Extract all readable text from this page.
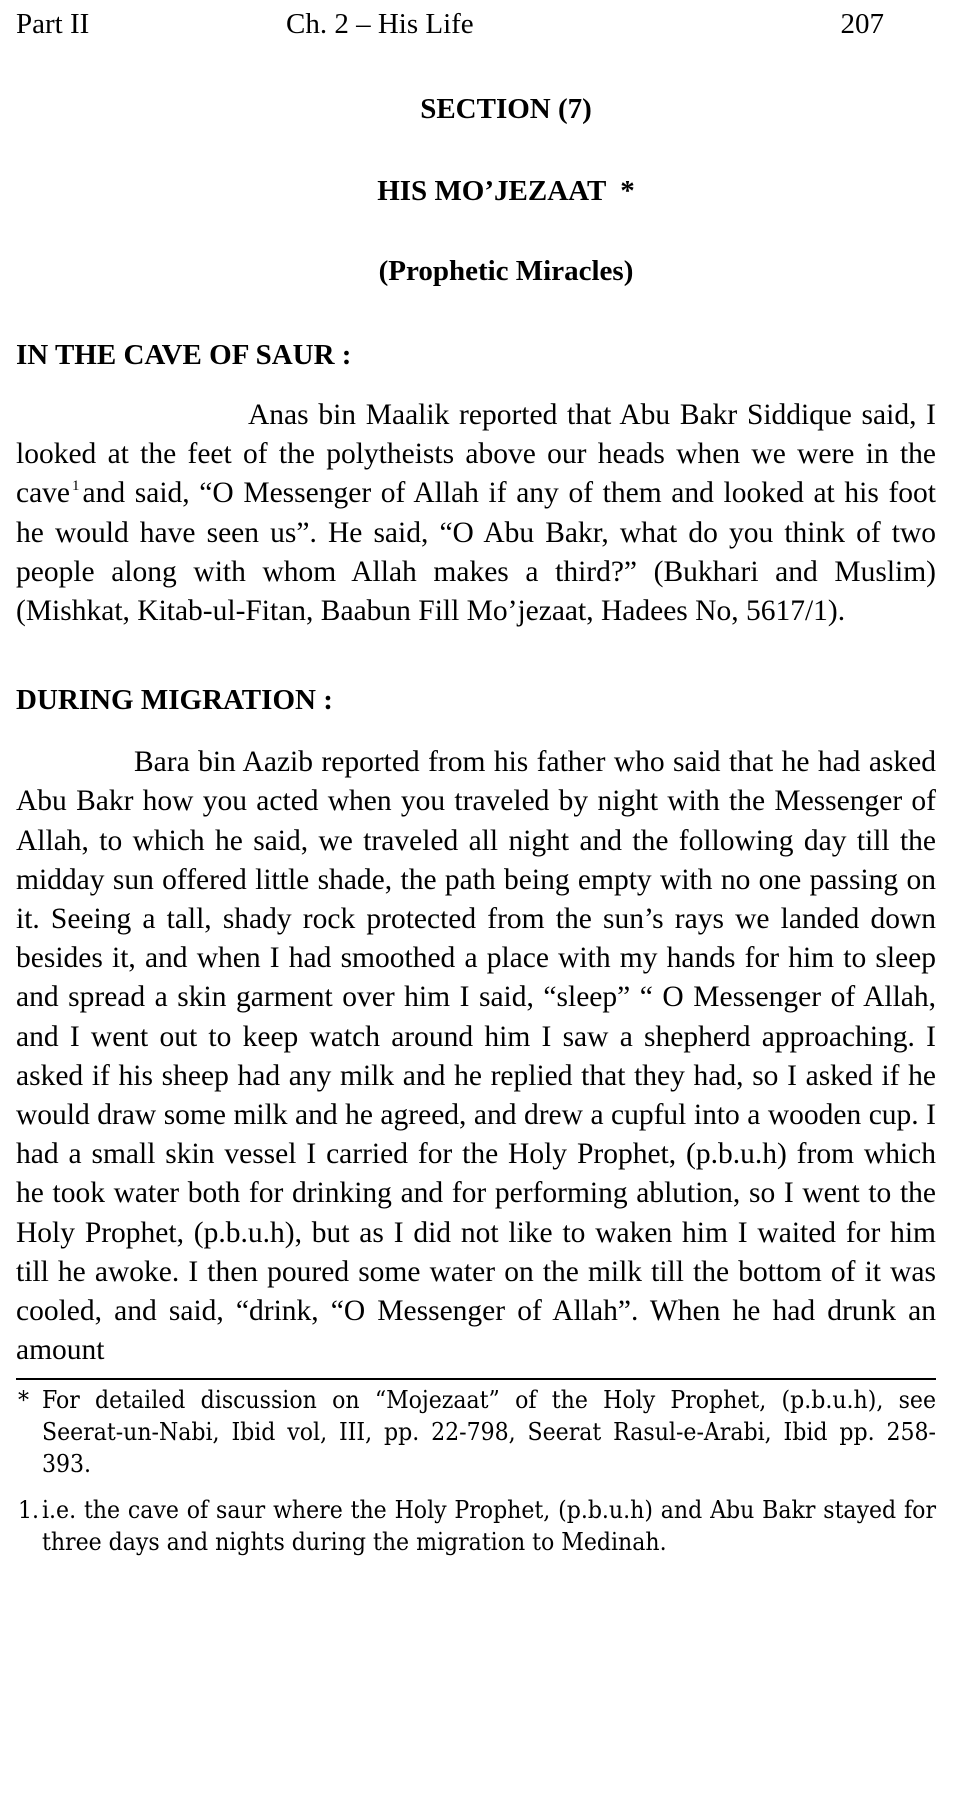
Part II	Ch. 2 – His Life	207
SECTION (7)
HIS MO’JEZAAT  *
(Prophetic Miracles)
IN THE CAVE OF SAUR :

Anas bin Maalik reported that Abu Bakr Siddique said, I looked at the feet of the polytheists above our heads when we were in the cave $^1$ and said, “O Messenger of Allah if any of them and looked at his foot he would have seen us”. He said, “O Abu Bakr, what do you think of two people along with whom Allah makes a third?” (Bukhari and Muslim) (Mishkat, Kitab-ul-Fitan, Baabun Fill Mo’jezaat, Hadees No, 5617/1).

DURING MIGRATION :

Bara bin Aazib reported from his father who said that he had asked Abu Bakr how you acted when you traveled by night with the Messenger of Allah, to which he said, we traveled all night and the following day till the midday sun offered little shade, the path being empty with no one passing on it. Seeing a tall, shady rock protected from the sun’s rays we landed down besides it, and when I had smoothed a place with my hands for him to sleep and spread a skin garment over him I said, “sleep” “ O Messenger of Allah, and I went out to keep watch around him I saw a shepherd approaching. I asked if his sheep had any milk and he replied that they had, so I asked if he would draw some milk and he agreed, and drew a cupful into a wooden cup. I had a small skin vessel I carried for the Holy Prophet, (p.b.u.h) from which he took water both for drinking and for performing ablution, so I went to the Holy Prophet, (p.b.u.h), but as I did not like to waken him I waited for him till he awoke. I then poured some water on the milk till the bottom of it was cooled, and said, “drink, “O Messenger of Allah”. When he had drunk an amount

* For detailed discussion on “Mojezaat” of the Holy Prophet, (p.b.u.h), see Seerat-un-Nabi, Ibid vol, III, pp. 22-798, Seerat Rasul-e-Arabi, Ibid pp. 258-393.
1. i.e. the cave of saur where the Holy Prophet, (p.b.u.h) and Abu Bakr stayed for three days and nights during the migration to Medinah.
